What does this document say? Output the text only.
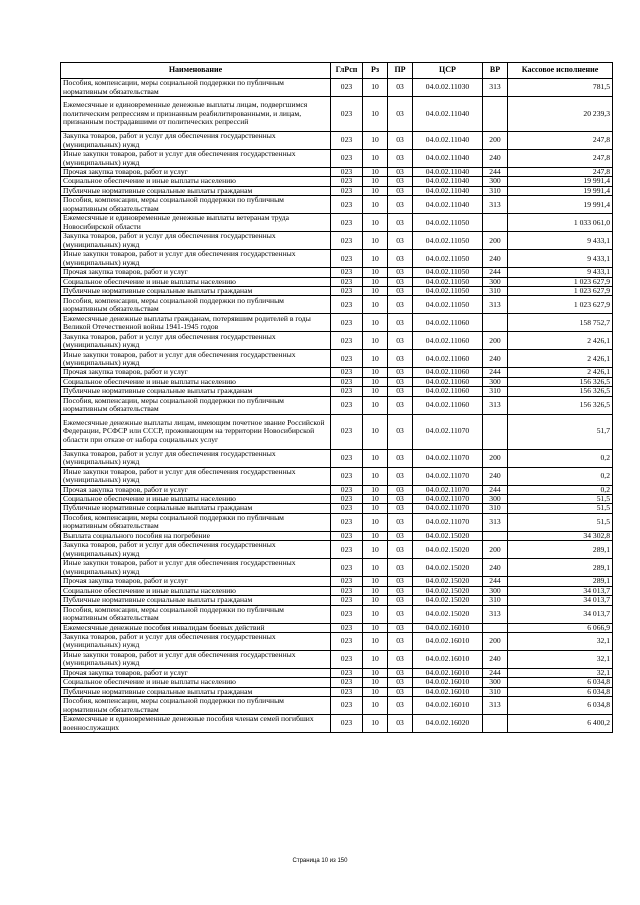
Наименование	ГлРсп	Рз	ПР	ЦСР	ВР	Кассовое исполнение
Пособия, компенсации, меры социальной поддержки по публичным нормативным обязательствам	023	10	03	04.0.02.11030	313	781,5
Ежемесячные и единовременные денежные выплаты лицам, подвергшимся политическим репрессиям и признанным реабилитированными, и лицам, признанным пострадавшими от политических репрессий	023	10	03	04.0.02.11040		20 239,3
Закупка товаров, работ и услуг для обеспечения государственных (муниципальных) нужд	023	10	03	04.0.02.11040	200	247,8
Иные закупки товаров, работ и услуг для обеспечения государственных (муниципальных) нужд	023	10	03	04.0.02.11040	240	247,8
Прочая закупка товаров, работ и услуг	023	10	03	04.0.02.11040	244	247,8
Социальное обеспечение и иные выплаты населению	023	10	03	04.0.02.11040	300	19 991,4
Публичные нормативные социальные выплаты гражданам	023	10	03	04.0.02.11040	310	19 991,4
Пособия, компенсации, меры социальной поддержки по публичным нормативным обязательствам	023	10	03	04.0.02.11040	313	19 991,4
Ежемесячные и единовременные денежные выплаты ветеранам труда Новосибирской области	023	10	03	04.0.02.11050		1 033 061,0
Закупка товаров, работ и услуг для обеспечения государственных (муниципальных) нужд	023	10	03	04.0.02.11050	200	9 433,1
Иные закупки товаров, работ и услуг для обеспечения государственных (муниципальных) нужд	023	10	03	04.0.02.11050	240	9 433,1
Прочая закупка товаров, работ и услуг	023	10	03	04.0.02.11050	244	9 433,1
Социальное обеспечение и иные выплаты населению	023	10	03	04.0.02.11050	300	1 023 627,9
Публичные нормативные социальные выплаты гражданам	023	10	03	04.0.02.11050	310	1 023 627,9
Пособия, компенсации, меры социальной поддержки по публичным нормативным обязательствам	023	10	03	04.0.02.11050	313	1 023 627,9
Ежемесячные денежные выплаты гражданам, потерявшим родителей в годы Великой Отечественной войны 1941-1945 годов	023	10	03	04.0.02.11060		158 752,7
Закупка товаров, работ и услуг для обеспечения государственных (муниципальных) нужд	023	10	03	04.0.02.11060	200	2 426,1
Иные закупки товаров, работ и услуг для обеспечения государственных (муниципальных) нужд	023	10	03	04.0.02.11060	240	2 426,1
Прочая закупка товаров, работ и услуг	023	10	03	04.0.02.11060	244	2 426,1
Социальное обеспечение и иные выплаты населению	023	10	03	04.0.02.11060	300	156 326,5
Публичные нормативные социальные выплаты гражданам	023	10	03	04.0.02.11060	310	156 326,5
Пособия, компенсации, меры социальной поддержки по публичным нормативным обязательствам	023	10	03	04.0.02.11060	313	156 326,5
Ежемесячные денежные выплаты лицам, имеющим почетное звание Российской Федерации, РСФСР или СССР, проживающим на территории Новосибирской области при отказе от набора социальных услуг	023	10	03	04.0.02.11070		51,7
Закупка товаров, работ и услуг для обеспечения государственных (муниципальных) нужд	023	10	03	04.0.02.11070	200	0,2
Иные закупки товаров, работ и услуг для обеспечения государственных (муниципальных) нужд	023	10	03	04.0.02.11070	240	0,2
Прочая закупка товаров, работ и услуг	023	10	03	04.0.02.11070	244	0,2
Социальное обеспечение и иные выплаты населению	023	10	03	04.0.02.11070	300	51,5
Публичные нормативные социальные выплаты гражданам	023	10	03	04.0.02.11070	310	51,5
Пособия, компенсации, меры социальной поддержки по публичным нормативным обязательствам	023	10	03	04.0.02.11070	313	51,5
Выплата социального пособия на погребение	023	10	03	04.0.02.15020		34 302,8
Закупка товаров, работ и услуг для обеспечения государственных (муниципальных) нужд	023	10	03	04.0.02.15020	200	289,1
Иные закупки товаров, работ и услуг для обеспечения государственных (муниципальных) нужд	023	10	03	04.0.02.15020	240	289,1
Прочая закупка товаров, работ и услуг	023	10	03	04.0.02.15020	244	289,1
Социальное обеспечение и иные выплаты населению	023	10	03	04.0.02.15020	300	34 013,7
Публичные нормативные социальные выплаты гражданам	023	10	03	04.0.02.15020	310	34 013,7
Пособия, компенсации, меры социальной поддержки по публичным нормативным обязательствам	023	10	03	04.0.02.15020	313	34 013,7
Ежемесячные денежные пособия инвалидам боевых действий	023	10	03	04.0.02.16010		6 066,9
Закупка товаров, работ и услуг для обеспечения государственных (муниципальных) нужд	023	10	03	04.0.02.16010	200	32,1
Иные закупки товаров, работ и услуг для обеспечения государственных (муниципальных) нужд	023	10	03	04.0.02.16010	240	32,1
Прочая закупка товаров, работ и услуг	023	10	03	04.0.02.16010	244	32,1
Социальное обеспечение и иные выплаты населению	023	10	03	04.0.02.16010	300	6 034,8
Публичные нормативные социальные выплаты гражданам	023	10	03	04.0.02.16010	310	6 034,8
Пособия, компенсации, меры социальной поддержки по публичным нормативным обязательствам	023	10	03	04.0.02.16010	313	6 034,8
Ежемесячные и единовременные денежные пособия членам семей погибших военнослужащих	023	10	03	04.0.02.16020		6 400,2
Страница 10 из 150
